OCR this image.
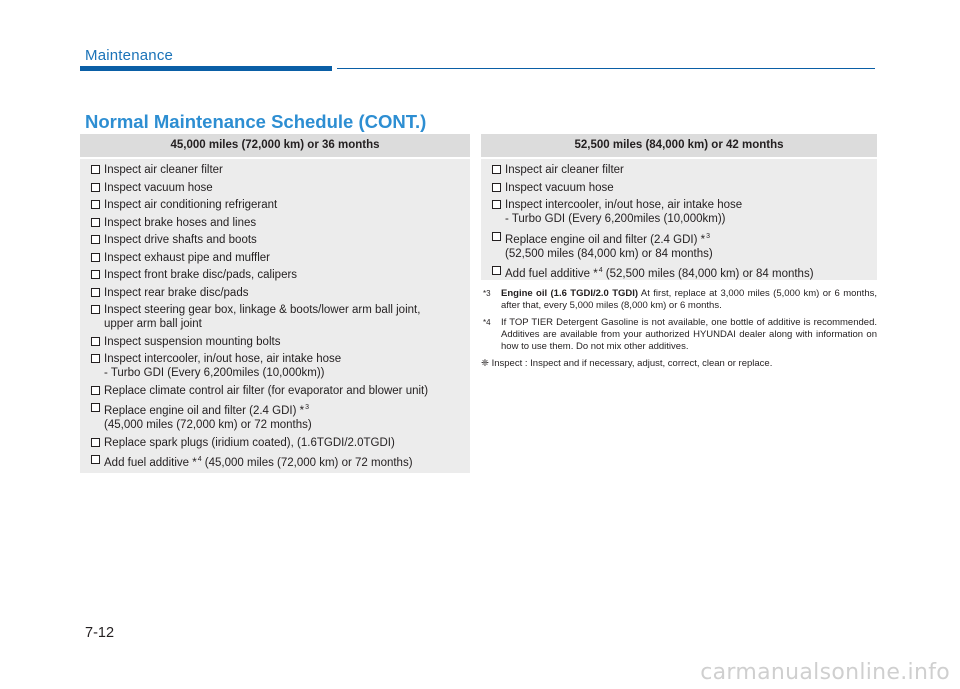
Maintenance
Normal Maintenance Schedule (CONT.)
45,000 miles (72,000 km) or 36 months
Inspect air cleaner filter
Inspect vacuum hose
Inspect air conditioning refrigerant
Inspect brake hoses and lines
Inspect drive shafts and boots
Inspect exhaust pipe and muffler
Inspect front brake disc/pads, calipers
Inspect rear brake disc/pads
Inspect steering gear box, linkage & boots/lower arm ball joint,
upper arm ball joint
Inspect suspension mounting bolts
Inspect intercooler, in/out hose, air intake hose
- Turbo GDI (Every 6,200miles (10,000km))
Replace climate control air filter (for evaporator and blower unit)
Replace engine oil and filter (2.4 GDI) *$^3$
(45,000 miles (72,000 km) or 72 months)
Replace spark plugs (iridium coated), (1.6TGDI/2.0TGDI)
Add fuel additive *$^4$ (45,000 miles (72,000 km) or 72 months)
52,500 miles (84,000 km) or 42 months
Inspect air cleaner filter
Inspect vacuum hose
Inspect intercooler, in/out hose, air intake hose
- Turbo GDI (Every 6,200miles (10,000km))
Replace engine oil and filter (2.4 GDI) *$^3$
(52,500 miles (84,000 km) or 84 months)
Add fuel additive *$^4$ (52,500 miles (84,000 km) or 84 months)
*3 Engine oil (1.6 TGDI/2.0 TGDI) At first, replace at 3,000 miles (5,000 km) or 6 months, after that, every 5,000 miles (8,000 km) or 6 months.
*4 If TOP TIER Detergent Gasoline is not available, one bottle of additive is recommended. Additives are available from your authorized HYUNDAI dealer along with information on how to use them. Do not mix other additives.
❈ Inspect : Inspect and if necessary, adjust, correct, clean or replace.
7-12
carmanualsonline.info
